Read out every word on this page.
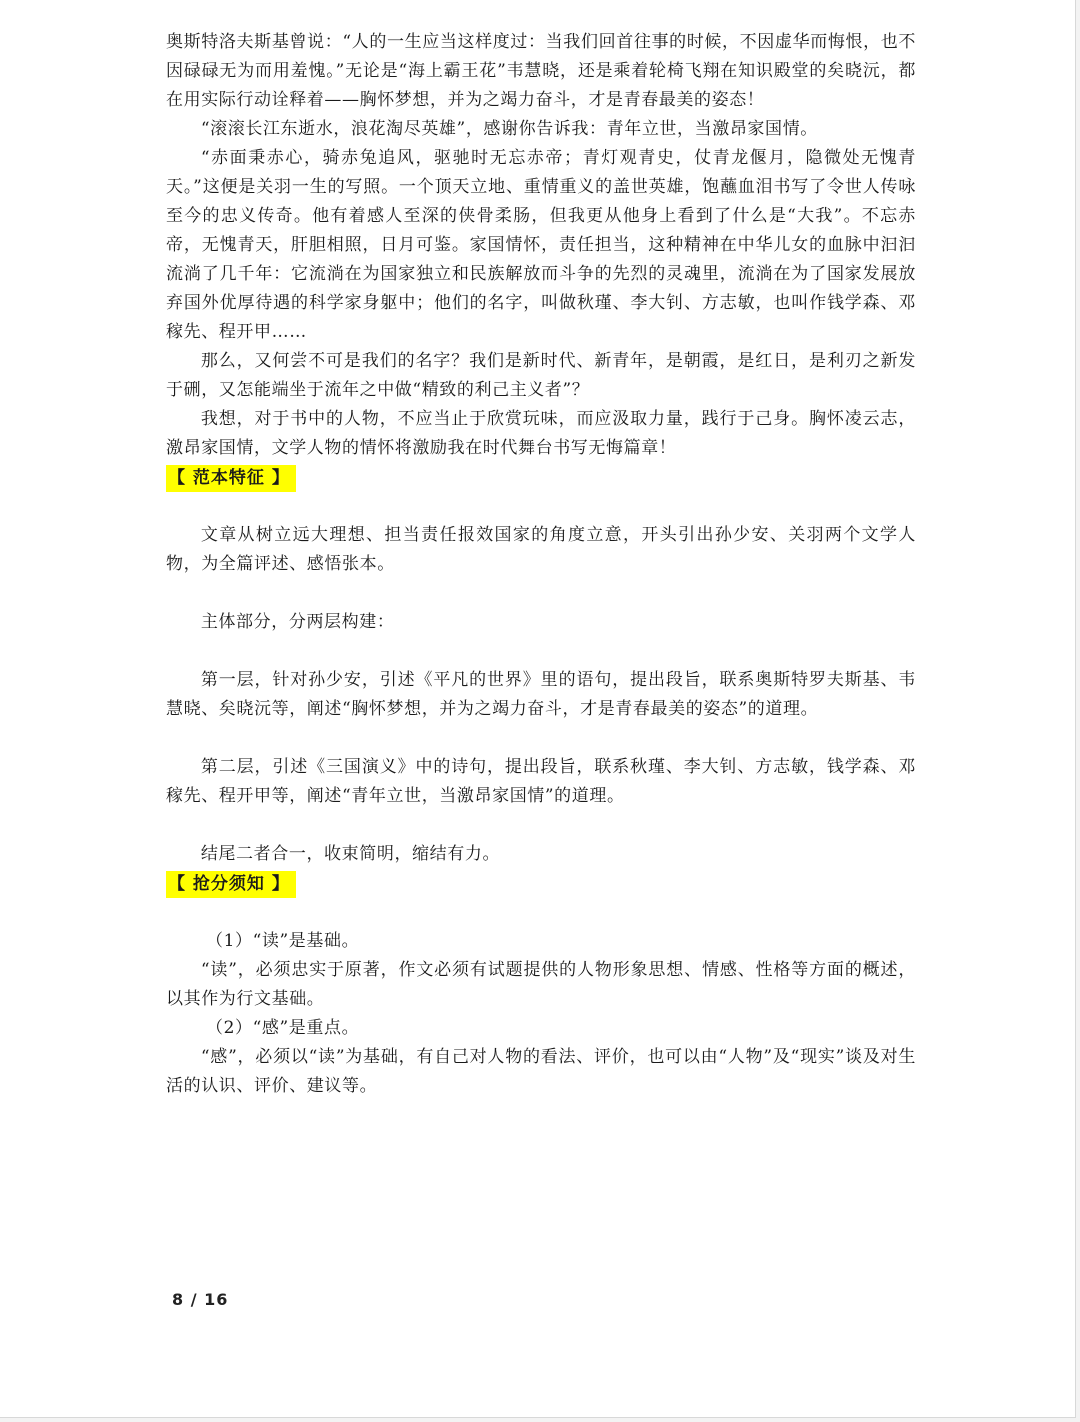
奥斯特洛夫斯基曾说：“人的一生应当这样度过：当我们回首往事的时候，不因虚华而悔恨，也不因碌碌无为而用羞愧。”无论是“海上霸王花”韦慧晓，还是乘着轮椅飞翔在知识殿堂的矣晓沅，都在用实际行动诠释着——胸怀梦想，并为之竭力奋斗，才是青春最美的姿态！

“滚滚长江东逝水，浪花淘尽英雄”，感谢你告诉我：青年立世，当激昂家国情。

“赤面秉赤心，骑赤兔追风，驱驰时无忘赤帝；青灯观青史，仗青龙偃月，隐微处无愧青天。”这便是关羽一生的写照。一个顶天立地、重情重义的盖世英雄，饱蘸血泪书写了令世人传咏至今的忠义传奇。他有着感人至深的侠骨柔肠，但我更从他身上看到了什么是“大我”。不忘赤帝，无愧青天，肝胆相照，日月可鉴。家国情怀，责任担当，这种精神在中华儿女的血脉中汩汩流淌了几千年：它流淌在为国家独立和民族解放而斗争的先烈的灵魂里，流淌在为了国家发展放弃国外优厚待遇的科学家身躯中；他们的名字，叫做秋瑾、李大钊、方志敏，也叫作钱学森、邓稼先、程开甲……

那么，又何尝不可是我们的名字？我们是新时代、新青年，是朝霞，是红日，是利刃之新发于硎，又怎能端坐于流年之中做“精致的利己主义者”？

我想，对于书中的人物，不应当止于欣赏玩味，而应汲取力量，践行于己身。胸怀凌云志，激昂家国情，文学人物的情怀将激励我在时代舞台书写无悔篇章！

【 范本特征 】

文章从树立远大理想、担当责任报效国家的角度立意，开头引出孙少安、关羽两个文学人物，为全篇评述、感悟张本。

主体部分，分两层构建：

第一层，针对孙少安，引述《平凡的世界》里的语句，提出段旨，联系奥斯特罗夫斯基、韦慧晓、矣晓沅等，阐述“胸怀梦想，并为之竭力奋斗，才是青春最美的姿态”的道理。

第二层，引述《三国演义》中的诗句，提出段旨，联系秋瑾、李大钊、方志敏，钱学森、邓稼先、程开甲等，阐述“青年立世，当激昂家国情”的道理。

结尾二者合一，收束简明，缩结有力。

【 抢分须知 】

（1）“读”是基础。

“读”，必须忠实于原著，作文必须有试题提供的人物形象思想、情感、性格等方面的概述，以其作为行文基础。

（2）“感”是重点。

“感”，必须以“读”为基础，有自己对人物的看法、评价，也可以由“人物”及“现实”谈及对生活的认识、评价、建议等。

8 / 16
